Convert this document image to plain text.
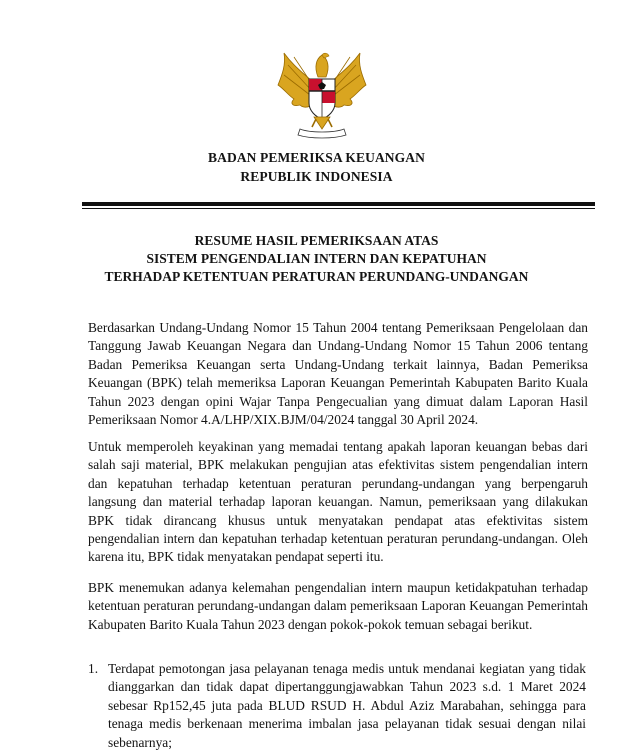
BADAN PEMERIKSA KEUANGAN
REPUBLIK INDONESIA
RESUME HASIL PEMERIKSAAN ATAS
SISTEM PENGENDALIAN INTERN DAN KEPATUHAN
TERHADAP KETENTUAN PERATURAN PERUNDANG-UNDANGAN

Berdasarkan Undang-Undang Nomor 15 Tahun 2004 tentang Pemeriksaan Pengelolaan dan Tanggung Jawab Keuangan Negara dan Undang-Undang Nomor 15 Tahun 2006 tentang Badan Pemeriksa Keuangan serta Undang-Undang terkait lainnya, Badan Pemeriksa Keuangan (BPK) telah memeriksa Laporan Keuangan Pemerintah Kabupaten Barito Kuala Tahun 2023 dengan opini Wajar Tanpa Pengecualian yang dimuat dalam Laporan Hasil Pemeriksaan Nomor 4.A/LHP/XIX.BJM/04/2024 tanggal 30 April 2024.

Untuk memperoleh keyakinan yang memadai tentang apakah laporan keuangan bebas dari salah saji material, BPK melakukan pengujian atas efektivitas sistem pengendalian intern dan kepatuhan terhadap ketentuan peraturan perundang-undangan yang berpengaruh langsung dan material terhadap laporan keuangan. Namun, pemeriksaan yang dilakukan BPK tidak dirancang khusus untuk menyatakan pendapat atas efektivitas sistem pengendalian intern dan kepatuhan terhadap ketentuan peraturan perundang-undangan. Oleh karena itu, BPK tidak menyatakan pendapat seperti itu.

BPK menemukan adanya kelemahan pengendalian intern maupun ketidakpatuhan terhadap ketentuan peraturan perundang-undangan dalam pemeriksaan Laporan Keuangan Pemerintah Kabupaten Barito Kuala Tahun 2023 dengan pokok-pokok temuan sebagai berikut.

1. Terdapat pemotongan jasa pelayanan tenaga medis untuk mendanai kegiatan yang tidak dianggarkan dan tidak dapat dipertanggungjawabkan Tahun 2023 s.d. 1 Maret 2024 sebesar Rp152,45 juta pada BLUD RSUD H. Abdul Aziz Marabahan, sehingga para tenaga medis berkenaan menerima imbalan jasa pelayanan tidak sesuai dengan nilai sebenarnya;
